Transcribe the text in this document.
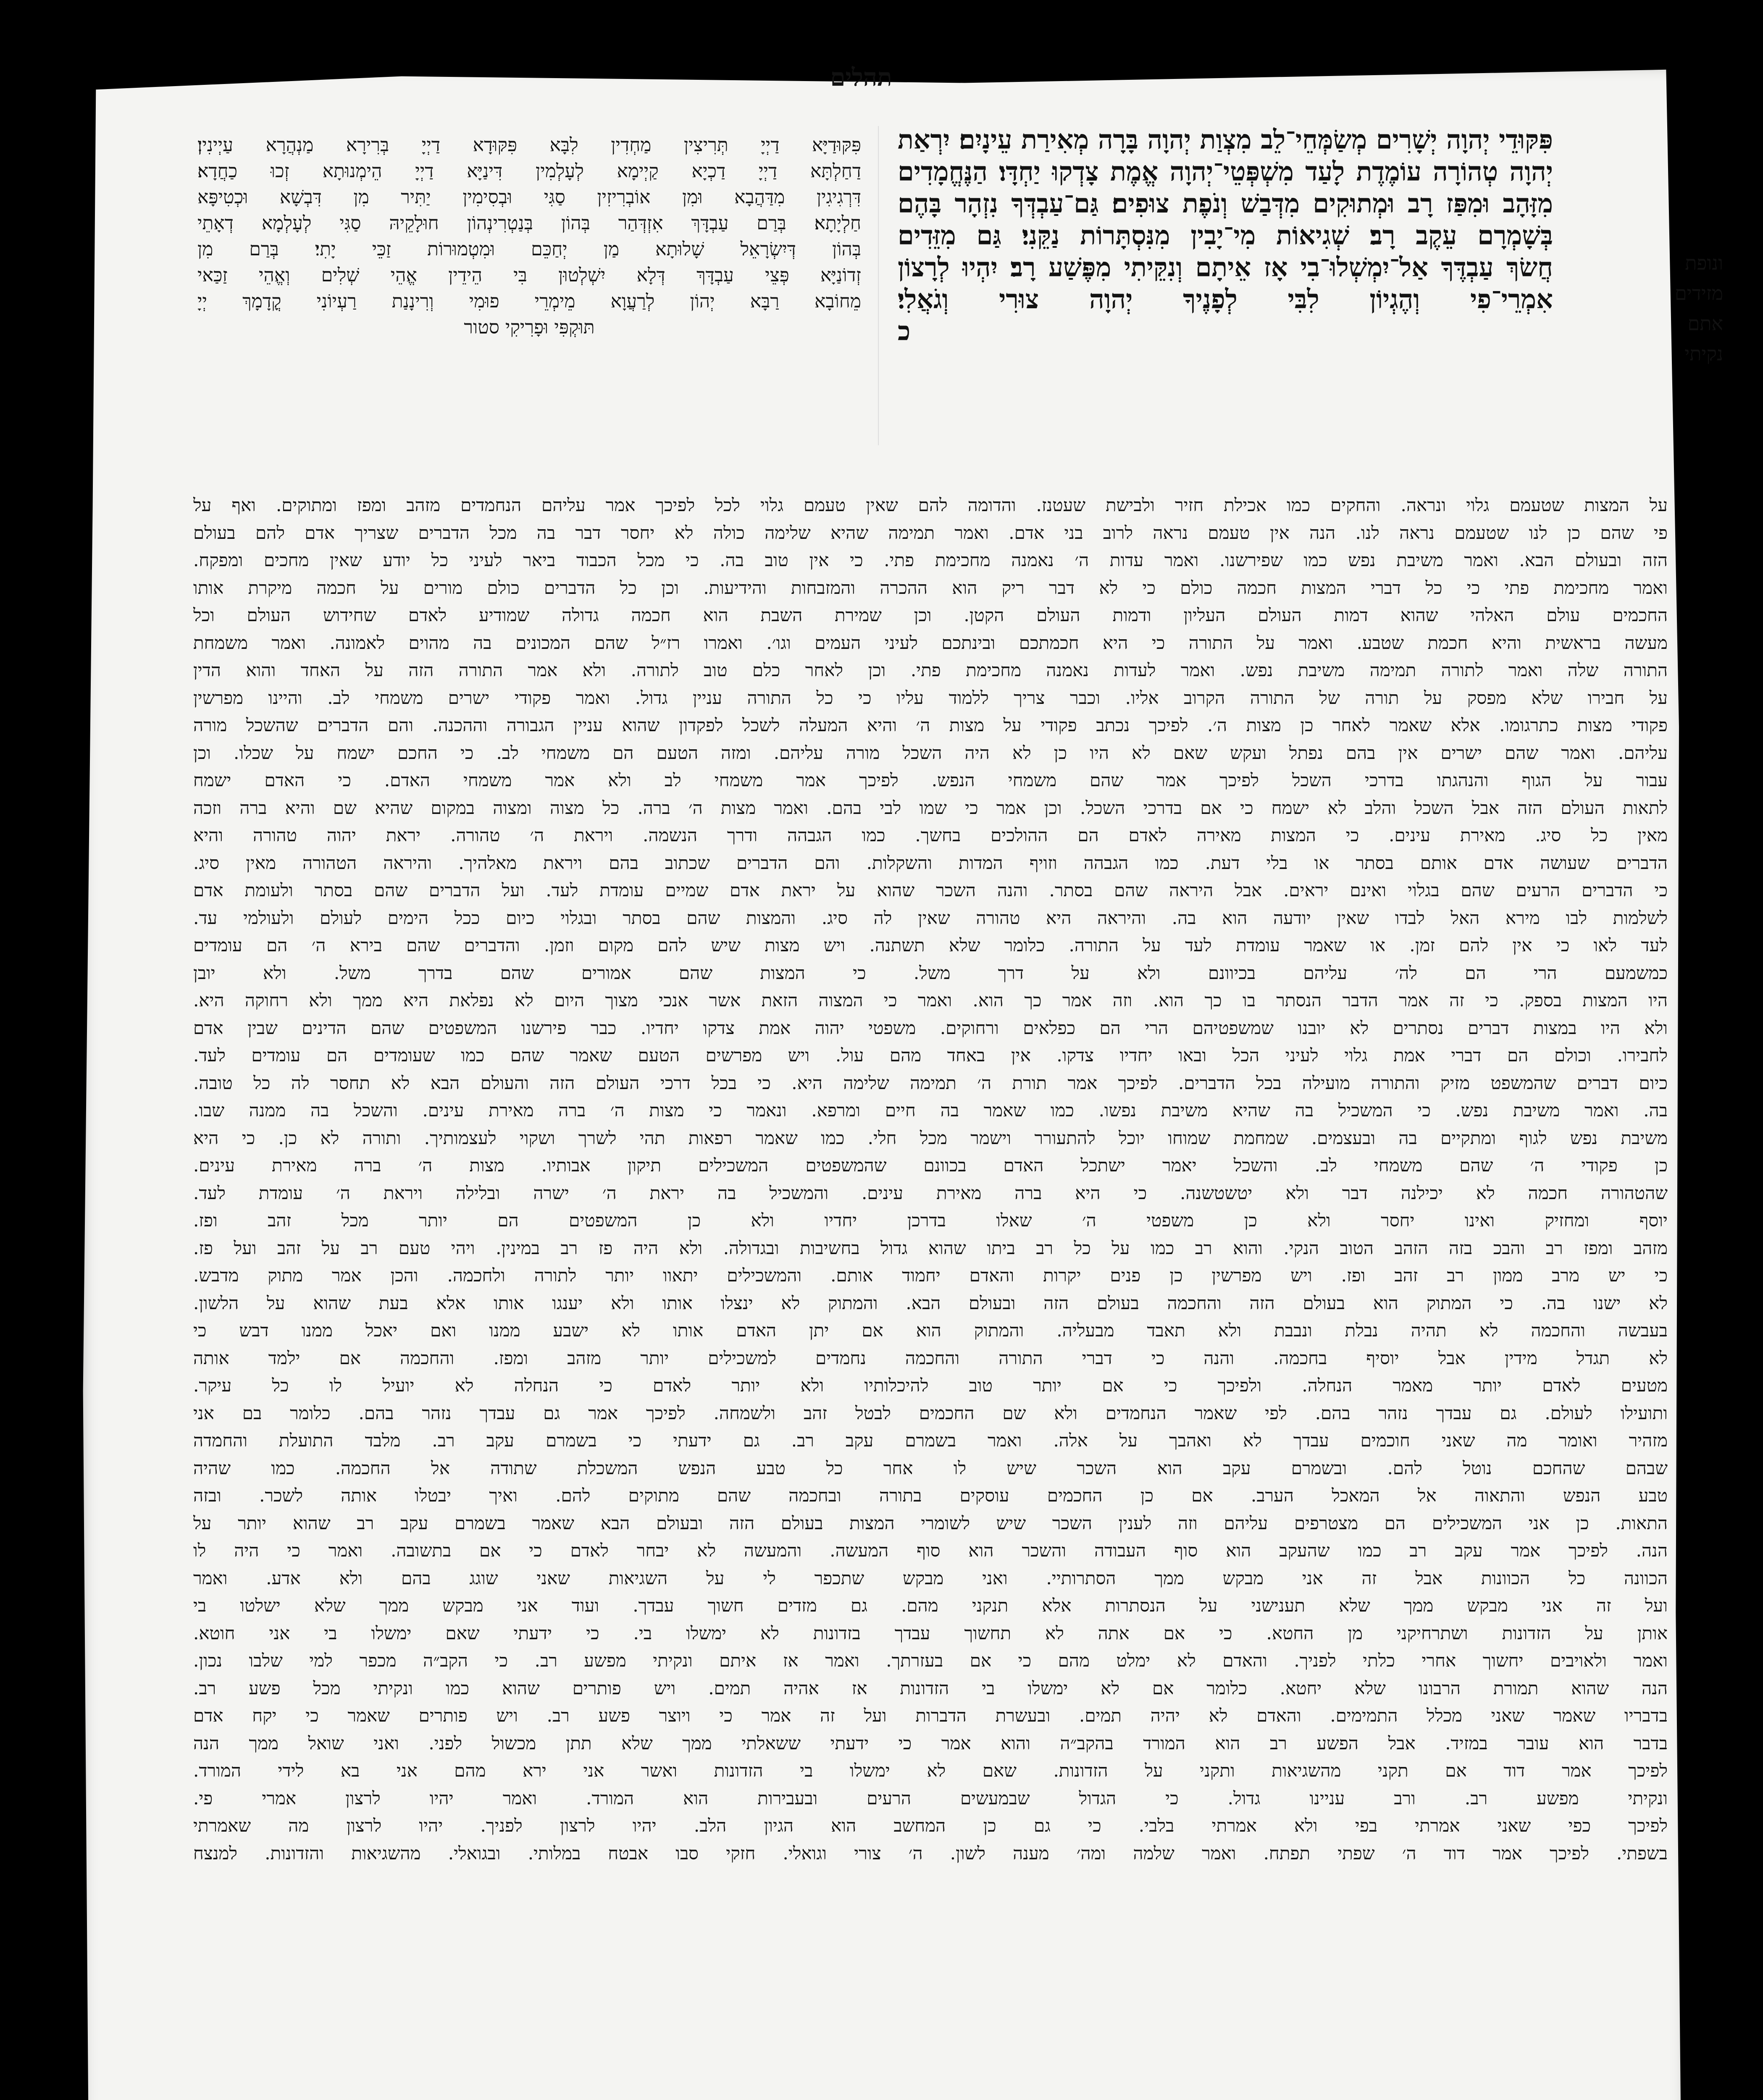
תהלים
פִּקּוּדֵי יְהוָה יְשָׁרִים מְשַׂמְּחֵי־לֵב מִצְוַת יְהוָה בָּרָה מְאִירַת עֵינָיִם׃ יִרְאַת
יְהוָה טְהוֹרָה עוֹמֶדֶת לָעַד מִשְׁפְּטֵי־יְהוָה אֱמֶת צָדְקוּ יַחְדָּו׃ הַנֶּחֱמָדִים
מִזָּהָב וּמִפַּז רָב וּמְתוּקִים מִדְּבַשׁ וְנֹפֶת צוּפִים׃ גַּם־עַבְדְּךָ נִזְהָר בָּהֶם
בְּשָׁמְרָם עֵקֶב רָב׃ שְׁגִיאוֹת מִי־יָבִין מִנִּסְתָּרוֹת נַקֵּנִי׃ גַּם מִזֵּדִים
חֲשׂךְ עַבְדֶּךָ אַל־יִמְשְׁלוּ־בִי אָז אֵיתָם וְנִקֵּיתִי מִפֶּשַׁע רָב׃ יִהְיוּ לְרָצוֹן
אִמְרֵי־פִי וְהֶגְיוֹן לִבִּי לְפָנֶיךָ יְהוָה צוּרִי וְגֹאֲלִי׃
כ
ונופת
מזידים
אתם
נקיתי
פִּקּוּדַיָּא דַיְיָ תְּרִיצִין מַחְדִין לִבָּא פִּקּוּדָא דַיְיָ בְּרִירָא מַנְהֲרָא עַיְינִין׃
דַחַלְתָּא דַיְיָ דַכְיָא קַיְימָא לְעָלְמִין דִּינַיָּא דַיְיָ הֵימְנוּתָא זְכוּ כַחֲדָא׃
דִּרְגִיגִין מִדַּהֲבָא וּמִן אוֹבְרִיזִין סַגִּי וּבְסִימִין יַתִּיר מִן דִּבְשָׁא וּכְטִיפָּא
חַלְיָתָא׃ בְּרַם עַבְדָּךְ אִזְדְּהַר בְּהוֹן בְּנַטְרִינְהוֹן חוּלָקֵיהּ סַגִּי לְעָלְמָא דְאָתֵי
בְּהוֹן דְּיִשְׂרָאֵל שָׁלוּתָא מַן יְחַכֵּם וּמִטְמוּרוֹת זַכֵּי יָתִי׃ בְּרַם מִן
זְדוֹנַיָּא פְּצֵי עַבְדָּךְ דְּלָא יִשְׁלְטוּן בִּי הֵידֵין אֱהֵי שְׁלִים וְאֱהֵי זַכַּאי
מֵחוֹבָא רַבָּא יְהוֹן לְרַעֲוָא מֵימְרֵי פוּמִי וְרִינָנַת רַעְיוֹנִי קֳדָמָךְ יְיָ
תּוּקְפִּי וּפָרִיקִי סטור
על המצות שטעמם גלוי ונראה. והחקים כמו אכילת חזיר ולבישת שעטנז. והדומה להם שאין טעמם גלוי לכל לפיכך אמר עליהם הנחמדים מזהב ומפז ומתוקים. ואף על
פי שהם כן לנו שטעמם נראה לנו. הנה אין טעמם נראה לרוב בני אדם. ואמר תמימה שהיא שלימה כולה לא יחסר דבר בה מכל הדברים שצריך אדם להם בעולם
הזה ובעולם הבא. ואמר משיבת נפש כמו שפירשנו. ואמר עדות ה׳ נאמנה מחכימת פתי. כי אין טוב בה. כי מכל הכבוד ביאר לעיני כל יודע שאין מחכים ומפקח.
ואמר מחכימת פתי כי כל דברי המצות חכמה כולם כי לא דבר ריק הוא ההכרה והמזבחות והידיעות. וכן כל הדברים כולם מורים על חכמה מיקרת אותו
החכמים עולם האלהי שהוא דמות העולם העליון ודמות העולם הקטן. וכן שמירת השבת הוא חכמה גדולה שמודיע לאדם שחידוש העולם וכל
מעשה בראשית והיא חכמת שטבע. ואמר על התורה כי היא חכמתכם ובינתכם לעיני העמים וגו׳. ואמרו רז״ל שהם המכונים בה מהוים לאמונה. ואמר משמחת
התורה שלה ואמר לתורה תמימה משיבת נפש. ואמר לעדות נאמנה מחכימת פתי. וכן לאחר כלם טוב לתורה. ולא אמר התורה הזה על האחד והוא הדין
על חבירו שלא מפסק על תורה של התורה הקרוב אליו. וכבר צריך ללמוד עליו כי כל התורה עניין גדול. ואמר פקודי ישרים משמחי לב. והיינו מפרשין
פקודי מצות כתרגומו. אלא שאמר לאחר כן מצות ה׳. לפיכך נכתב פקודי על מצות ה׳ והיא המעלה לשכל לפקדון שהוא עניין הגבורה וההכנה. והם הדברים שהשכל מורה
עליהם. ואמר שהם ישרים אין בהם נפתל ועקש שאם לא היו כן לא היה השכל מורה עליהם. ומזה הטעם הם משמחי לב. כי החכם ישמח על שכלו. וכן
עבור על הגוף והנהגתו בדרכי השכל לפיכך אמר שהם משמחי הנפש. לפיכך אמר משמחי לב ולא אמר משמחי האדם. כי האדם ישמח
לתאות העולם הזה אבל השכל והלב לא ישמח כי אם בדרכי השכל. וכן אמר כי שמו לבי בהם. ואמר מצות ה׳ ברה. כל מצוה ומצוה במקום שהיא שם והיא ברה וזכה
מאין כל סיג. מאירת עינים. כי המצות מאירה לאדם הם ההולכים בחשך. כמו הגבהה ודרך הנשמה. ויראת ה׳ טהורה. יראת יהוה טהורה והיא
הדברים שעושה אדם אותם בסתר או בלי דעת. כמו הגבהה וזויף המדות והשקלות. והם הדברים שכתוב בהם ויראת מאלהיך. והיראה הטהורה מאין סיג.
כי הדברים הרעים שהם בגלוי ואינם יראים. אבל היראה שהם בסתר. והנה השכר שהוא על יראת אדם שמיים עומדת לעד. ועל הדברים שהם בסתר ולעומת אדם
לשלמות לבו מירא האל לבדו שאין יודעה הוא בה. והיראה היא טהורה שאין לה סיג. והמצות שהם בסתר ובגלוי כיום ככל הימים לעולם ולעולמי עד.
לעד לאו כי אין להם זמן. או שאמר עומדת לעד על התורה. כלומר שלא תשתנה. ויש מצות שיש להם מקום וזמן. והדברים שהם בירא ה׳ הם עומדים
כמשמעם הרי הם לה׳ עליהם בכיוונם ולא על דרך משל. כי המצות שהם אמורים שהם בדרך משל. ולא יובן
היו המצות בספק. כי זה אמר הדבר הנסתר בו כך הוא. וזה אמר כך הוא. ואמר כי המצוה הזאת אשר אנכי מצוך היום לא נפלאת היא ממך ולא רחוקה היא.
ולא היו במצות דברים נסתרים לא יובנו שמשפטיהם הרי הם כפלאים ורחוקים. משפטי יהוה אמת צדקו יחדיו. כבר פירשנו המשפטים שהם הדינים שבין אדם
לחבירו. וכולם הם דברי אמת גלוי לעיני הכל ובאו יחדיו צדקו. אין באחד מהם עול. ויש מפרשים הטעם שאמר שהם כמו שעומדים הם עומדים לעד.
כיום דברים שהמשפט מזיק והתורה מועילה בכל הדברים. לפיכך אמר תורת ה׳ תמימה שלימה היא. כי בכל דרכי העולם הזה והעולם הבא לא תחסר לה כל טובה.
בה. ואמר משיבת נפש. כי המשכיל בה שהיא משיבת נפשו. כמו שאמר בה חיים ומרפא. ונאמר כי מצות ה׳ ברה מאירת עינים. והשכל בה ממנה שבו.
משיבת נפש לגוף ומתקיים בה ובעצמים. שמחמת שמוחו יוכל להתעורר וישמר מכל חלי. כמו שאמר רפאות תהי לשרך ושקוי לעצמותיך. ותורה לא כן. כי היא
כן פקודי ה׳ שהם משמחי לב. והשכל יאמר ישתכל האדם בכוונם שהמשפטים המשכילים תיקון אבותיו. מצות ה׳ ברה מאירת עינים.
שהטהורה חכמה לא יכילנה דבר ולא יטשטשנה. כי היא ברה מאירת עינים. והמשכיל בה יראת ה׳ ישרה ובלילה ויראת ה׳ עומדת לעד.
יוסף ומחזיק ואינו יחסר ולא כן משפטי ה׳ שאלו בדרכן יחדיו ולא כן המשפטים הם יותר מכל זהב ופז.
מזהב ומפז רב והבכ בזה הזהב הטוב הנקי. והוא רב כמו על כל רב ביתו שהוא גדול בחשיבות ובגדולה. ולא היה פז רב במינין. ויהי טעם רב על זהב ועל פז.
כי יש מרב ממון רב זהב ופז. ויש מפרשין כן פנים יקרות והאדם יחמוד אותם. והמשכילים יתאוו יותר לתורה ולחכמה. והכן אמר מתוק מדבש.
לא ישנו בה. כי המתוק הוא בעולם הזה והחכמה בעולם הזה ובעולם הבא. והמתוק לא ינצלו אותו ולא יענגו אותו אלא בעת שהוא על הלשון.
בעבשה והחכמה לא תהיה נבלת ונבבת ולא תאבד מבעליה. והמתוק הוא אם יתן האדם אותו לא ישבע ממנו ואם יאכל ממנו דבש כי
לא תגדל מידין אבל יוסיף בחכמה. והנה כי דברי התורה והחכמה נחמדים למשכילים יותר מזהב ומפז. והחכמה אם ילמד אותה
מטעים לאדם יותר מאמר הנחלה. ולפיכך כי אם יותר טוב להיכלותיו ולא יותר לאדם כי הנחלה לא יועיל לו כל עיקר.
ותועילו לעולם. גם עבדך נזהר בהם. לפי שאמר הנחמדים ולא שם החכמים לבטל זהב ולשמחה. לפיכך אמר גם עבדך נזהר בהם. כלומר בם אני
מזהיר ואומר מה שאני חוכמים עבדך לא ואהבך על אלה. ואמר בשמרם עקב רב. גם ידעתי כי בשמרם עקב רב. מלבד התועלת והחמדה
שבהם שהחכם נוטל להם. ובשמרם עקב הוא השכר שיש לו אחר כל טבע הנפש המשכלת שתודה אל החכמה. כמו שהיה
טבע הנפש והתאוה אל המאכל הערב. אם כן החכמים עוסקים בתורה ובחכמה שהם מתוקים להם. ואיך יבטלו אותה לשכר. ובזה
התאות. כן אני המשכילים הם מצטרפים עליהם וזה לענין השכר שיש לשומרי המצות בעולם הזה ובעולם הבא שאמר בשמרם עקב רב שהוא יותר על
הנה. לפיכך אמר עקב רב כמו שהעקב הוא סוף העבודה והשכר הוא סוף המעשה. והמעשה לא יבחר לאדם כי אם בתשובה. ואמר כי היה לו
הכוונה כל הכוונות אבל זה אני מבקש ממך הסתרותיי. ואני מבקש שתכפר לי על השגיאות שאני שוגג בהם ולא אדע. ואמר
ועל זה אני מבקש ממך שלא תענישני על הנסתרות אלא תנקני מהם. גם מזדים חשוך עבדך. ועוד אני מבקש ממך שלא ישלטו בי
אותן על הזדונות ושתרחיקני מן החטא. כי אם אתה לא תחשוך עבדך בזדונות לא ימשלו בי. כי ידעתי שאם ימשלו בי אני חוטא.
ואמר ולאויבים יחשוך אחרי כלתי לפניך. והאדם לא ימלט מהם כי אם בעזרתך. ואמר אז איתם ונקיתי מפשע רב. כי הקב״ה מכפר למי שלבו נכון.
הנה שהוא תמורת הרבונו שלא יחטא. כלומר אם לא ימשלו בי הזדונות אז אהיה תמים. ויש פותרים שהוא כמו ונקיתי מכל פשע רב.
בדבריו שאמר שאני מכלל התמימים. והאדם לא יהיה תמים. ובעשרת הדברות ועל זה אמר כי ויוצר פשע רב. ויש פותרים שאמר כי יקח אדם
בדבר הוא עובר במזיד. אבל הפשע רב הוא המורד בהקב״ה והוא אמר כי ידעתי ששאלתי ממך שלא תתן מכשול לפני. ואני שואל ממך הנה
לפיכך אמר דוד אם תקני מהשגיאות ותקני על הזדונות. שאם לא ימשלו בי הזדונות ואשר אני ירא מהם אני בא לידי המורד.
ונקיתי מפשע רב. ורב עניינו גדול. כי הגדול שבמעשים הרעים ובעבירות הוא המורד. ואמר יהיו לרצון אמרי פי.
לפיכך כפי שאני אמרתי בפי ולא אמרתי בלבי. כי גם כן המחשב הוא הגיון הלב. יהיו לרצון לפניך. יהיו לרצון מה שאמרתי
בשפתי. לפיכך אמר דוד ה׳ שפתי תפתח. ואמר שלמה ומה׳ מענה לשון. ה׳ צורי וגואלי. חזקי סבו אבטח במלותי. ובגואלי. מהשגיאות והזדונות. למנצח
